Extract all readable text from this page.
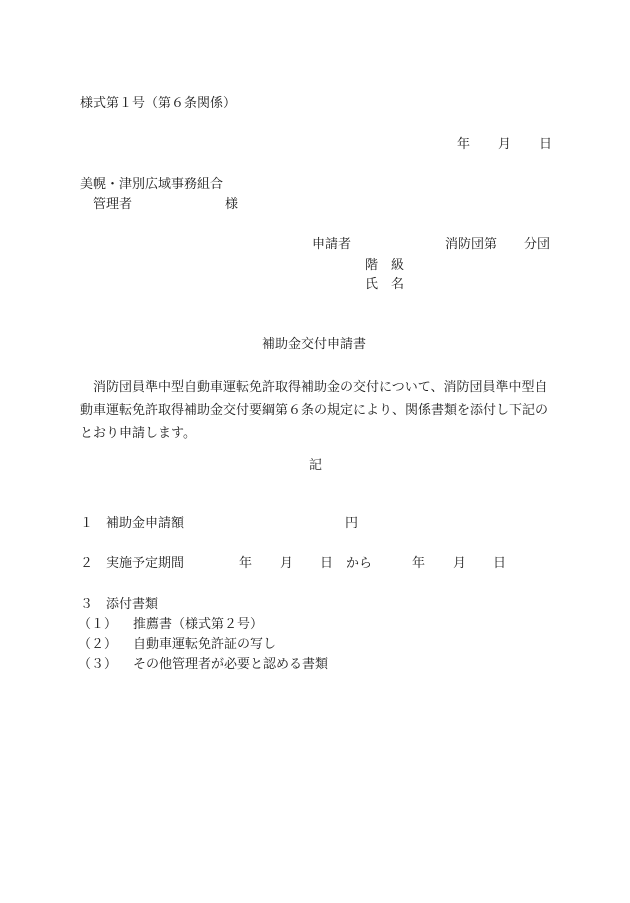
様式第１号（第６条関係）
年 月 日
美幌・津別広域事務組合
管理者	様
申請者	消防団第 分団
階　級
氏　名
補助金交付申請書
消防団員準中型自動車運転免許取得補助金の交付について、消防団員準中型自動車運転免許取得補助金交付要綱第６条の規定により、関係書類を添付し下記のとおり申請します。
記
１ 補助金申請額	円
２ 実施予定期間	年 月 日 から	年 月 日
３ 添付書類
（１） 推薦書（様式第２号）
（２） 自動車運転免許証の写し
（３） その他管理者が必要と認める書類
